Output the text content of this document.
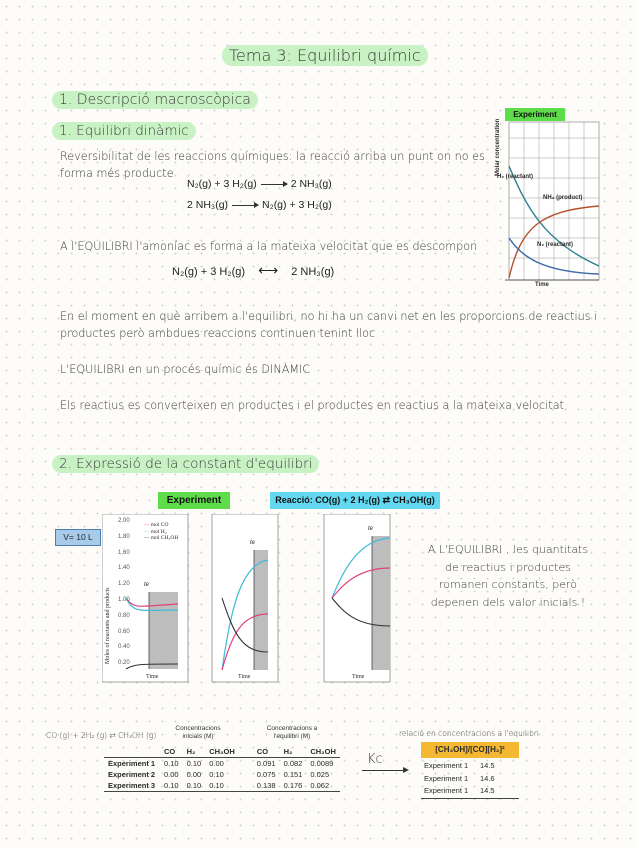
Tema 3: Equilibri químic
1. Descripció macroscòpica
1. Equilibri dinàmic
Reversibilitat de les reaccions químiques: la reacció arriba un punt on no es
forma més producte
N₂(g) + 3 H₂(g)	2 NH₃(g)
2 NH₃(g)	N₂(g) + 3 H₂(g)
Experiment
Molar concentration
H₂ (reactant)
NH₃ (product)
N₂ (reactant)
Time
A l'EQUILIBRI l'amoníac es forma a la mateixa velocitat que es descompon
N₂(g) + 3 H₂(g) ⟷ 2 NH₃(g)
En el moment en què arribem a l'equilibri, no hi ha un canvi net en les proporcions de reactius i
productes però ambdues reaccions continuen tenint lloc
L'EQUILIBRI en un procés químic és DINÀMIC
Els reactius es converteixen en productes i el productes en reactius a la mateixa velocitat
2. Expressió de la constant d'equilibri
Experiment	Reacció: CO(g) + 2 H₂(g) ⇄ CH₃OH(g)
V= 10 L
2.00
1.80
1.60
1.40
1.20
1.00
0.80
0.60
0.40
0.20
Moles of reactants and products
— mol CO
— mol H₂
— mol CH₃OH
Time	Time	Time
te
te
te
A L'EQUILIBRI , les quantitats
de reactius i productes
romanen constants, però
depenen dels valor inicials !
CO (g) + 2H₂ (g) ⇄ CH₃OH (g)
Concentracions
inicials (M)
Concentracions a
l'equilibri (M)	relació en concentracions a l'equilibri
	CO	H₂	CH₃OH		CO	H₂	CH₃OH
Experiment 1	0.10	0.10	0.00		0.091	0.082	0.0089
Experiment 2	0.00	0.00	0.10		0.075	0.151	0.025
Experiment 3	0.10	0.10	0.10		0.138	0.176	0.062
Kc
[CH₃OH]/[CO][H₂]²
Experiment 1 14.5
Experiment 1 14.6
Experiment 1 14.5
